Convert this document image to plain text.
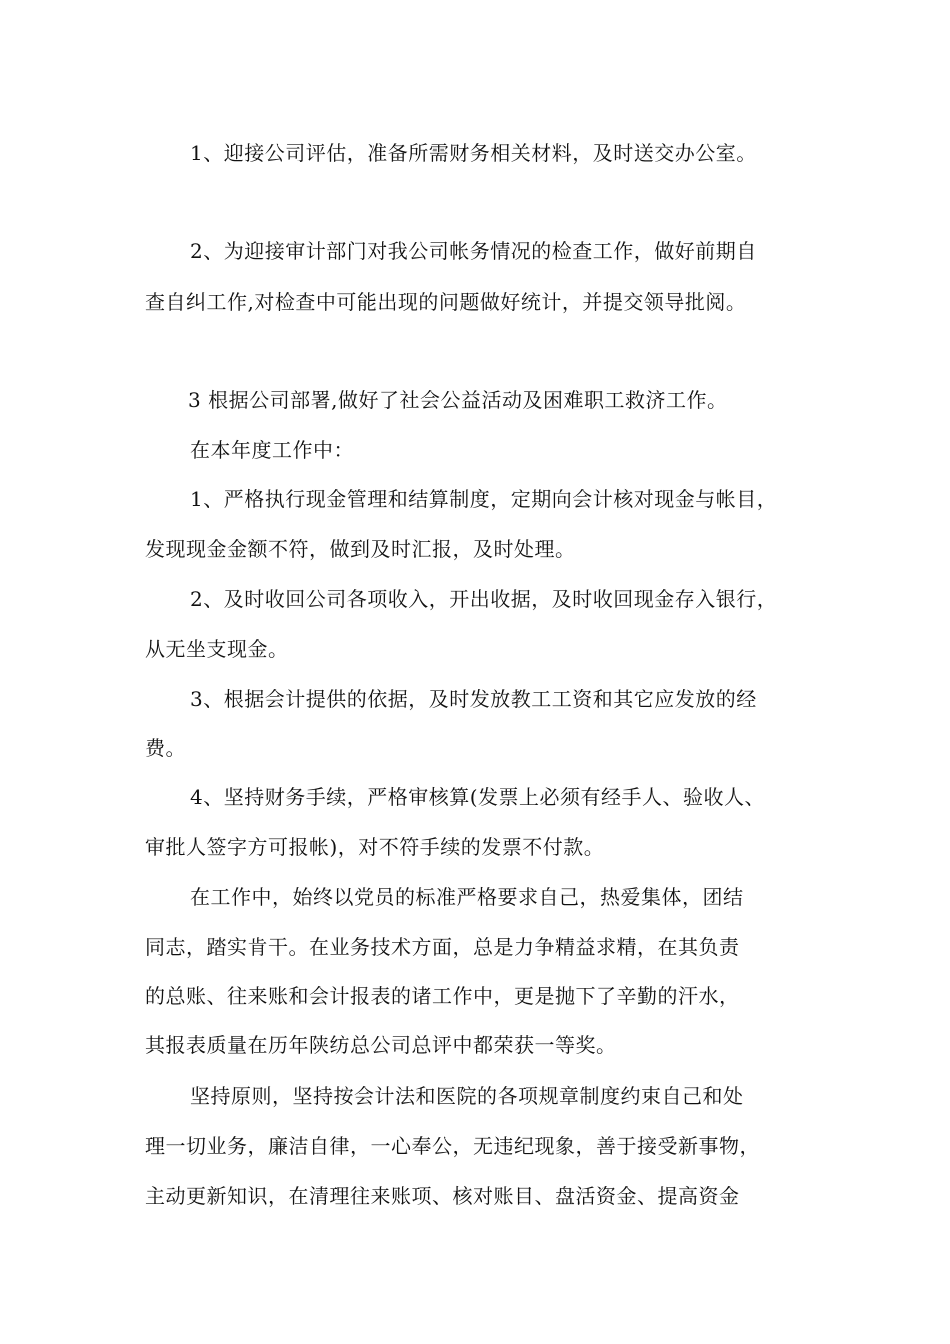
1、迎接公司评估，准备所需财务相关材料，及时送交办公室。
2、为迎接审计部门对我公司帐务情况的检查工作，做好前期自
查自纠工作,对检查中可能出现的问题做好统计，并提交领导批阅。
3 根据公司部署,做好了社会公益活动及困难职工救济工作。
在本年度工作中：
1、严格执行现金管理和结算制度，定期向会计核对现金与帐目，
发现现金金额不符，做到及时汇报，及时处理。
2、及时收回公司各项收入，开出收据，及时收回现金存入银行，
从无坐支现金。
3、根据会计提供的依据，及时发放教工工资和其它应发放的经
费。
4、坚持财务手续，严格审核算(发票上必须有经手人、验收人、
审批人签字方可报帐)，对不符手续的发票不付款。
在工作中，始终以党员的标准严格要求自己，热爱集体，团结
同志，踏实肯干。在业务技术方面，总是力争精益求精，在其负责
的总账、往来账和会计报表的诸工作中，更是抛下了辛勤的汗水，
其报表质量在历年陕纺总公司总评中都荣获一等奖。
坚持原则，坚持按会计法和医院的各项规章制度约束自己和处
理一切业务，廉洁自律，一心奉公，无违纪现象，善于接受新事物，
主动更新知识，在清理往来账项、核对账目、盘活资金、提高资金
